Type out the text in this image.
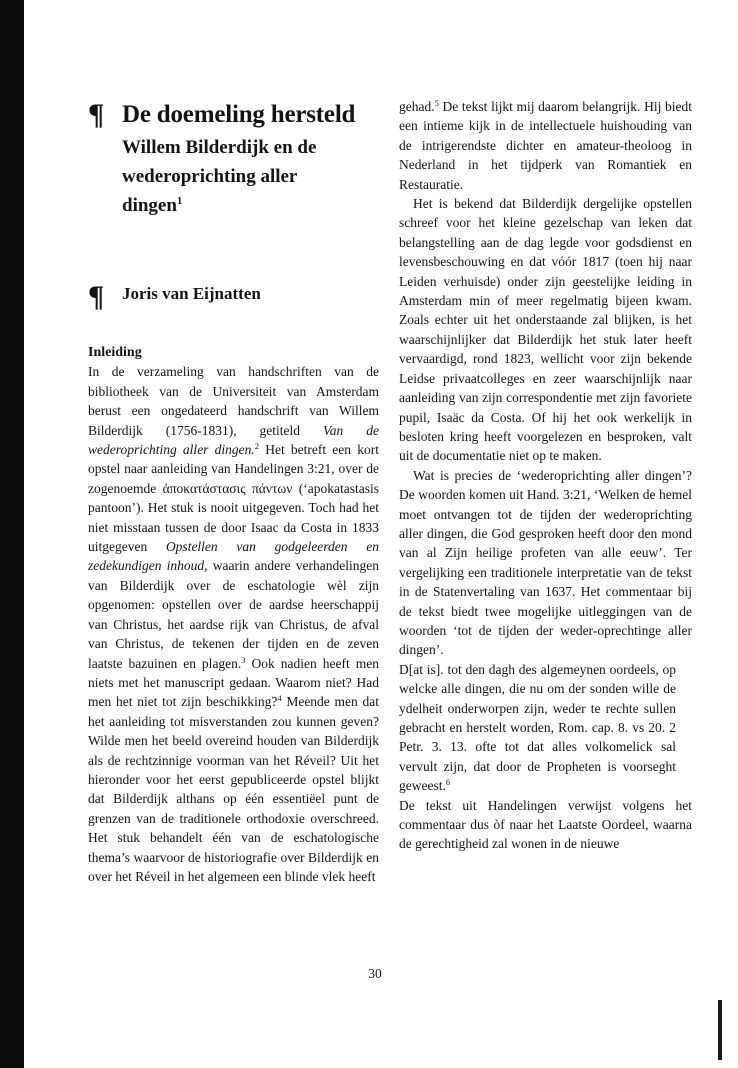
¶ De doemeling hersteld
Willem Bilderdijk en de wederoprichting aller dingen$^1$
¶ Joris van Eijnatten
Inleiding

In de verzameling van handschriften van de bibliotheek van de Universiteit van Amsterdam berust een ongedateerd handschrift van Willem Bilderdijk (1756-1831), getiteld Van de wederoprichting aller dingen.$^2$ Het betreft een kort opstel naar aanleiding van Handelingen 3:21, over de zogenoemde ἀποκατάστασις πάντων (‘apokatastasis pantoon’). Het stuk is nooit uitgegeven. Toch had het niet misstaan tussen de door Isaac da Costa in 1833 uitgegeven Opstellen van godgeleerden en zedekundigen inhoud, waarin andere verhandelingen van Bilderdijk over de eschatologie wèl zijn opgenomen: opstellen over de aardse heerschappij van Christus, het aardse rijk van Christus, de afval van Christus, de tekenen der tijden en de zeven laatste bazuinen en plagen.$^3$ Ook nadien heeft men niets met het manuscript gedaan. Waarom niet? Had men het niet tot zijn beschikking?$^4$ Meende men dat het aanleiding tot misverstanden zou kunnen geven? Wilde men het beeld overeind houden van Bilderdijk als de rechtzinnige voorman van het Réveil? Uit het hieronder voor het eerst gepubliceerde opstel blijkt dat Bilderdijk althans op één essentiëel punt de grenzen van de traditionele orthodoxie overschreed. Het stuk behandelt één van de eschatologische thema’s waarvoor de historiografie over Bilderdijk en over het Réveil in het algemeen een blinde vlek heeft

gehad.$^5$ De tekst lijkt mij daarom belangrijk. Hij biedt een intieme kijk in de intellectuele huishouding van de intrigerendste dichter en amateur-theoloog in Nederland in het tijdperk van Romantiek en Restauratie.

Het is bekend dat Bilderdijk dergelijke opstellen schreef voor het kleine gezelschap van leken dat belangstelling aan de dag legde voor godsdienst en levensbeschouwing en dat vóór 1817 (toen hij naar Leiden verhuisde) onder zijn geestelijke leiding in Amsterdam min of meer regelmatig bijeen kwam. Zoals echter uit het onderstaande zal blijken, is het waarschijnlijker dat Bilderdijk het stuk later heeft vervaardigd, rond 1823, wellicht voor zijn bekende Leidse privaatcolleges en zeer waarschijnlijk naar aanleiding van zijn correspondentie met zijn favoriete pupil, Isaäc da Costa. Of hij het ook werkelijk in besloten kring heeft voorgelezen en besproken, valt uit de documentatie niet op te maken.

Wat is precies de ‘wederoprichting aller dingen’? De woorden komen uit Hand. 3:21, ‘Welken de hemel moet ontvangen tot de tijden der wederoprichting aller dingen, die God gesproken heeft door den mond van al Zijn heilige profeten van alle eeuw’. Ter vergelijking een traditionele interpretatie van de tekst in de Statenvertaling van 1637. Het commentaar bij de tekst biedt twee mogelijke uitleggingen van de woorden ‘tot de tijden der weder-oprechtinge aller dingen’.

D[at is]. tot den dagh des algemeynen oordeels, op welcke alle dingen, die nu om der sonden wille de ydelheit onderworpen zijn, weder te rechte sullen gebracht en herstelt worden, Rom. cap. 8. vs 20. 2 Petr. 3. 13. ofte tot dat alles volkomelick sal vervult zijn, dat door de Propheten is voorseght geweest.$^6$

De tekst uit Handelingen verwijst volgens het commentaar dus òf naar het Laatste Oordeel, waarna de gerechtigheid zal wonen in de nieuwe

30
